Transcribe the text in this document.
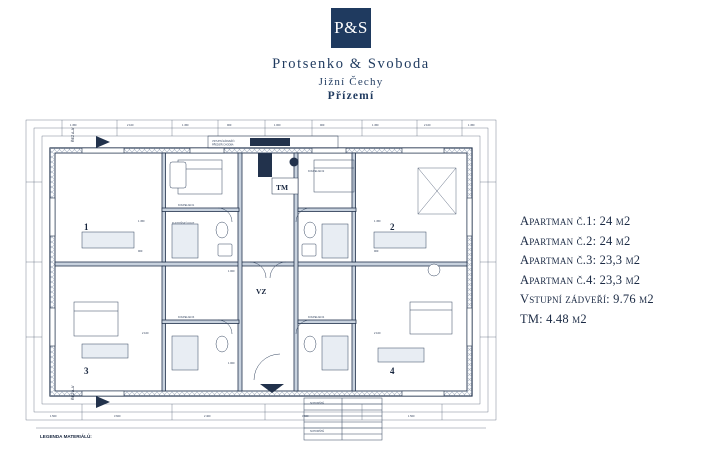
P&S
Protsenko & Svoboda
Jižní Čechy
Přízemí
Apartman č.1: 24 m2
Apartman č.2: 24 m2
Apartman č.3: 23,3 m2
Apartman č.4: 23,3 m2
Vstupní zádveří: 9.76 m2
TM: 4.48 m2
1 450	2 100	1 450	900	1 000	900	1 450	2 100	1 450
1 500	3 600	2 400	3 600	1 500
ŘEZ A-A'
ŘEZ A-A'
1	2
3	4
TM
VZ
VSTUPNÍ ZÁDVEŘÍ /
PŘEDSÍŇ CHODBA
KOUPELNA 01
KOUPELNA 02
KOUPELNA 03	KOUPELNA 04
KUCHYŇSKÝ KOUT
SCHODIŠTĚ
SCHODIŠTĚ
1 450
900
1 450
900
2 100	2 100
1 000
1 000
LEGENDA MATERIÁLŮ:
